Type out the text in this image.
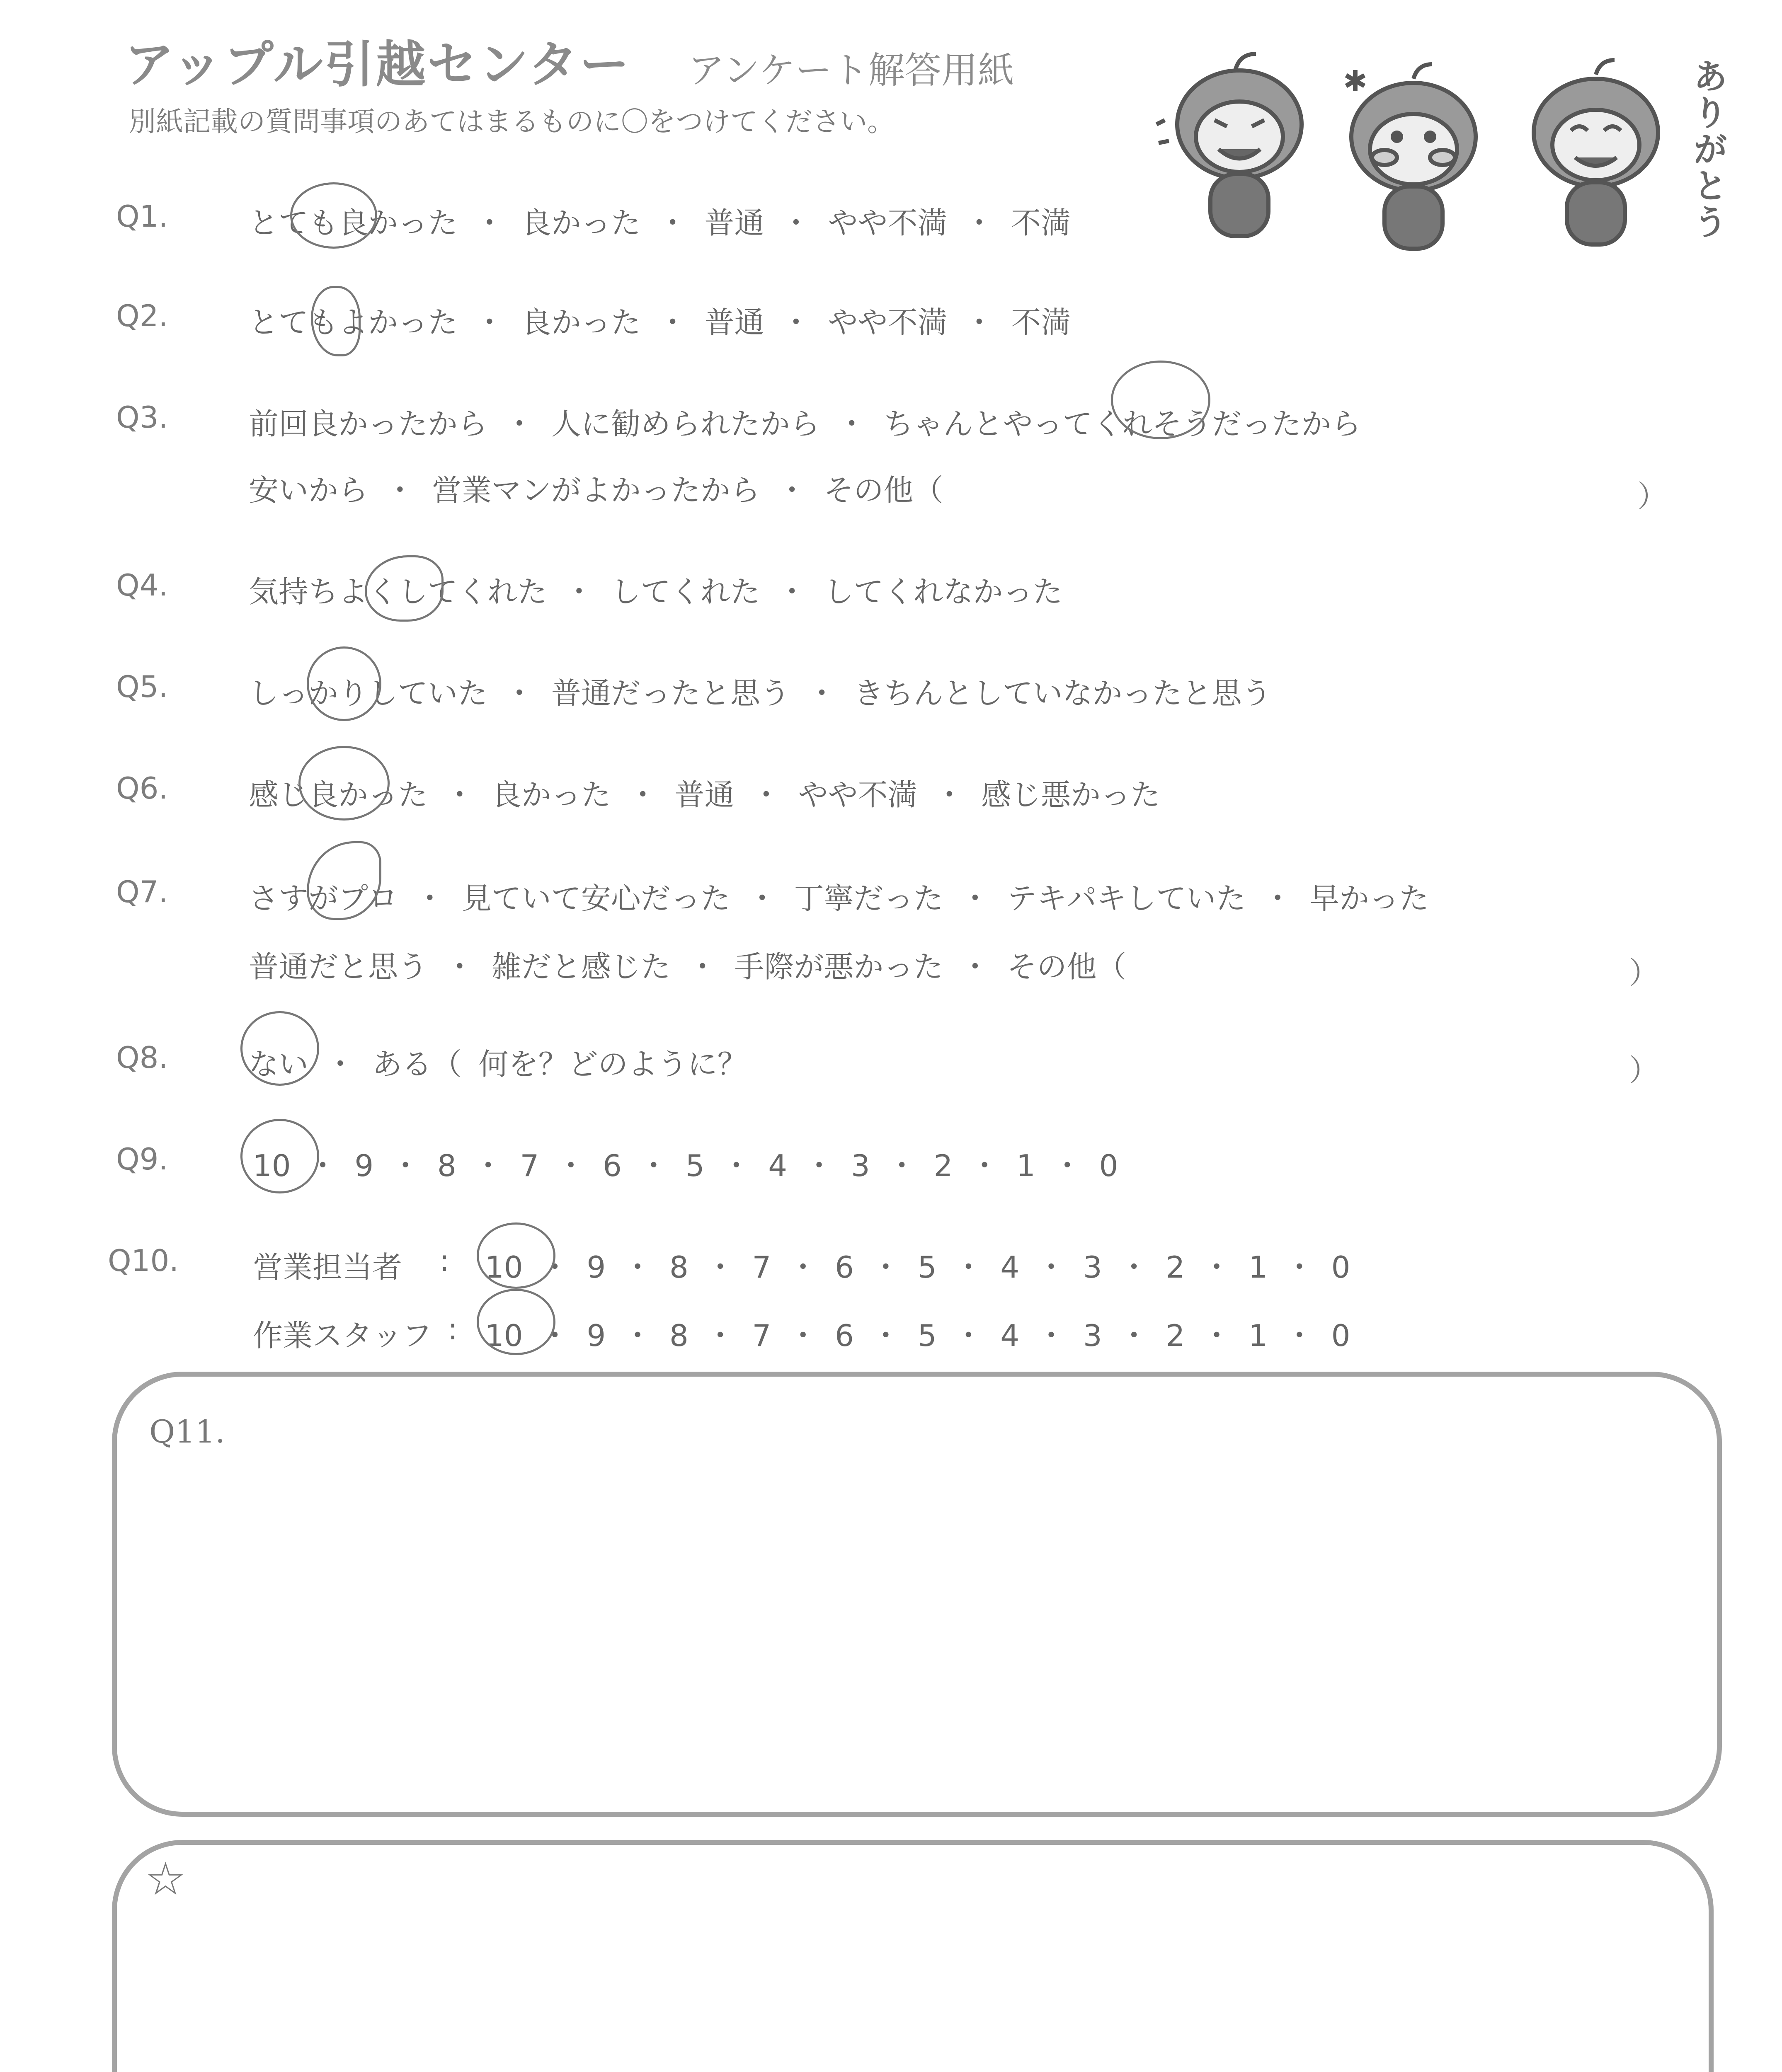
アップル引越センター アンケート解答用紙
別紙記載の質問事項のあてはまるものに〇をつけてください。
✱	ありがとう
Q1.	とても良かった ・ 良かった ・ 普通 ・ やや不満 ・ 不満
Q2.	とてもよかった ・ 良かった ・ 普通 ・ やや不満 ・ 不満
Q3.	前回良かったから ・ 人に勧められたから ・ ちゃんとやってくれそうだったから
安いから ・ 営業マンがよかったから ・ その他（	）
Q4.	気持ちよくしてくれた ・ してくれた ・ してくれなかった
Q5.	しっかりしていた ・ 普通だったと思う ・ きちんとしていなかったと思う
Q6.	感じ良かった ・ 良かった ・ 普通 ・ やや不満 ・ 感じ悪かった
Q7.	さすがプロ ・ 見ていて安心だった ・ 丁寧だった ・ テキパキしていた ・ 早かった
普通だと思う ・ 雑だと感じた ・ 手際が悪かった ・ その他（	）
Q8.	ない ・ ある（ 何を？どのように？	）
Q9.	10 ・ 9 ・ 8 ・ 7 ・ 6 ・ 5 ・ 4 ・ 3 ・ 2 ・ 1 ・ 0
Q10. 営業担当者 : 10 ・ 9 ・ 8 ・ 7 ・ 6 ・ 5 ・ 4 ・ 3 ・ 2 ・ 1 ・ 0
作業スタッフ : 10 ・ 9 ・ 8 ・ 7 ・ 6 ・ 5 ・ 4 ・ 3 ・ 2 ・ 1 ・ 0
Q11.
☆
